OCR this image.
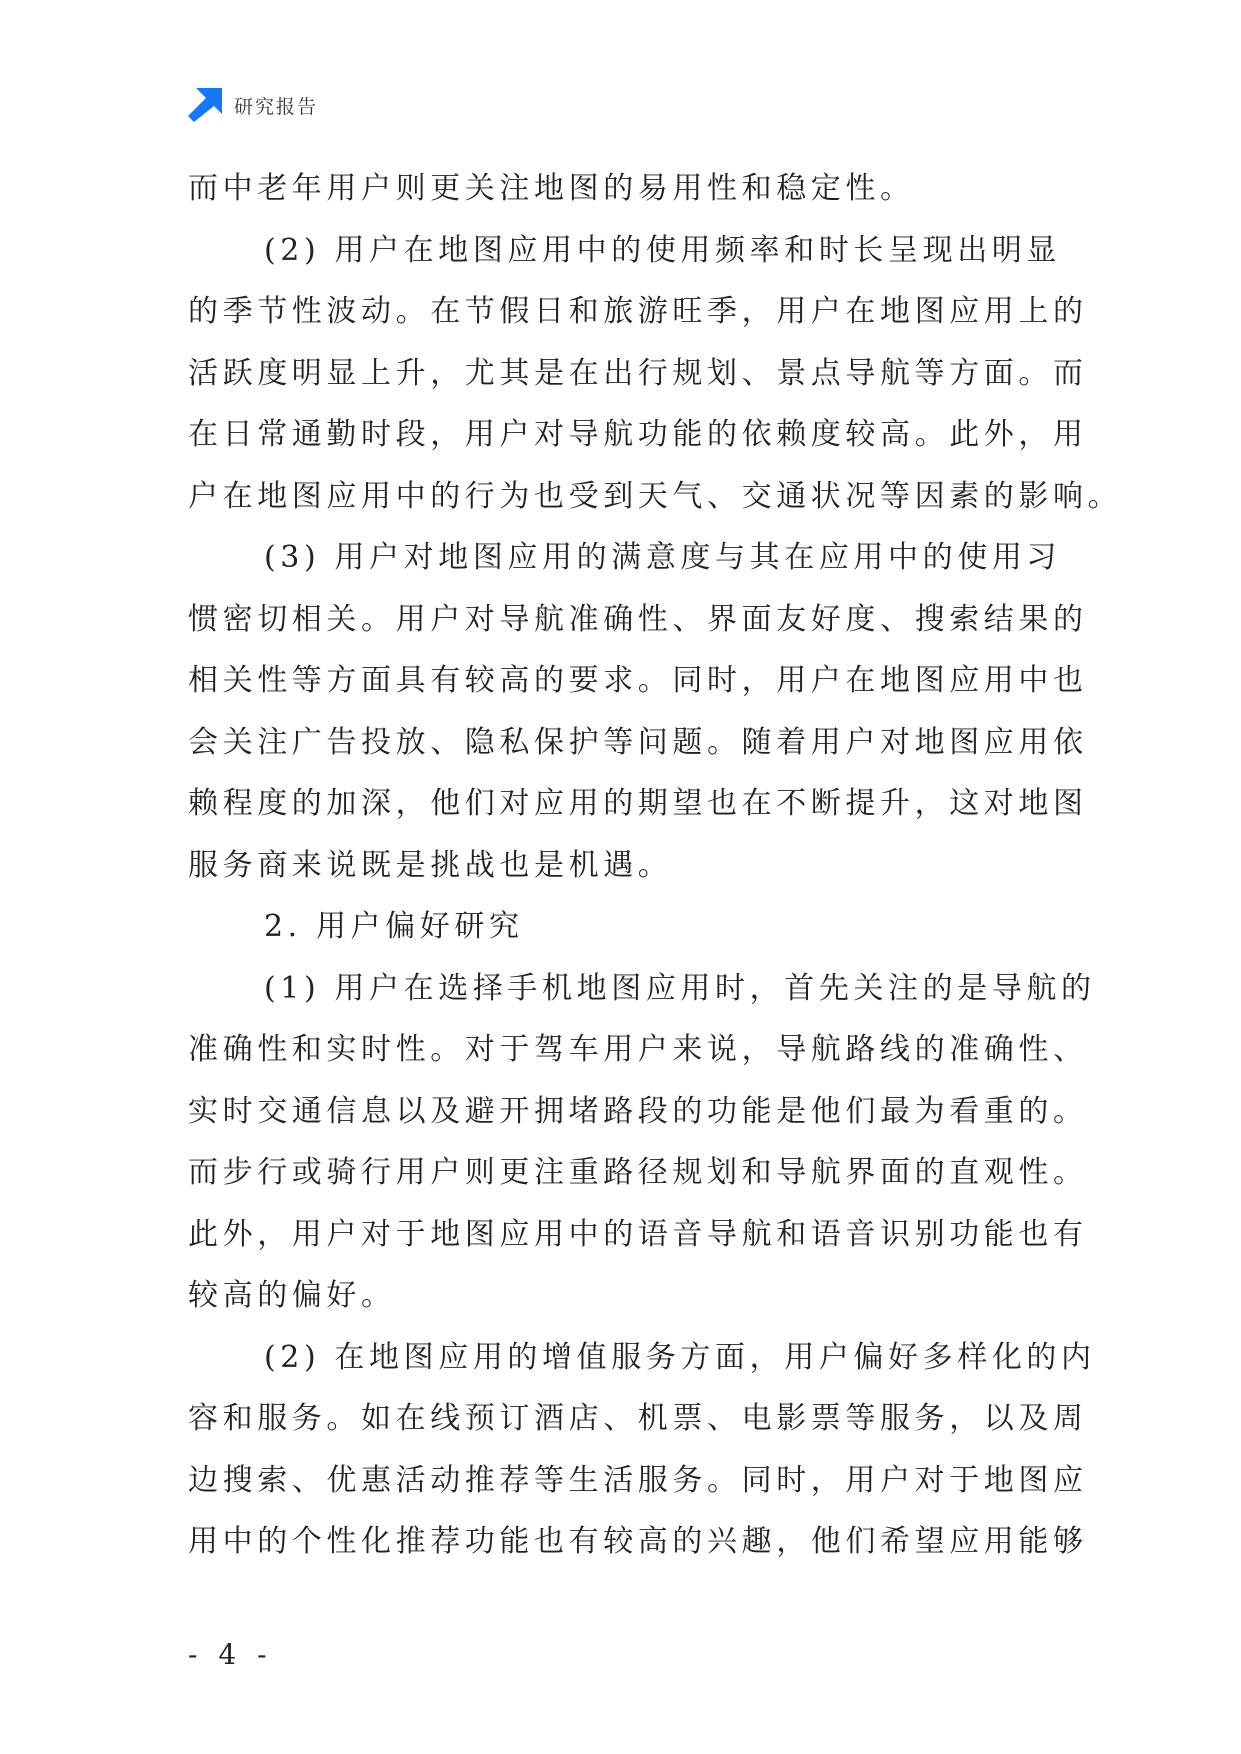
研究报告
而中老年用户则更关注地图的易用性和稳定性。
(2) 用户在地图应用中的使用频率和时长呈现出明显
的季节性波动。在节假日和旅游旺季，用户在地图应用上的
活跃度明显上升，尤其是在出行规划、景点导航等方面。而
在日常通勤时段，用户对导航功能的依赖度较高。此外，用
户在地图应用中的行为也受到天气、交通状况等因素的影响。
(3) 用户对地图应用的满意度与其在应用中的使用习
惯密切相关。用户对导航准确性、界面友好度、搜索结果的
相关性等方面具有较高的要求。同时，用户在地图应用中也
会关注广告投放、隐私保护等问题。随着用户对地图应用依
赖程度的加深，他们对应用的期望也在不断提升，这对地图
服务商来说既是挑战也是机遇。
2. 用户偏好研究
(1) 用户在选择手机地图应用时，首先关注的是导航的
准确性和实时性。对于驾车用户来说，导航路线的准确性、
实时交通信息以及避开拥堵路段的功能是他们最为看重的。
而步行或骑行用户则更注重路径规划和导航界面的直观性。
此外，用户对于地图应用中的语音导航和语音识别功能也有
较高的偏好。
(2) 在地图应用的增值服务方面，用户偏好多样化的内
容和服务。如在线预订酒店、机票、电影票等服务，以及周
边搜索、优惠活动推荐等生活服务。同时，用户对于地图应
用中的个性化推荐功能也有较高的兴趣，他们希望应用能够
- 4 -
